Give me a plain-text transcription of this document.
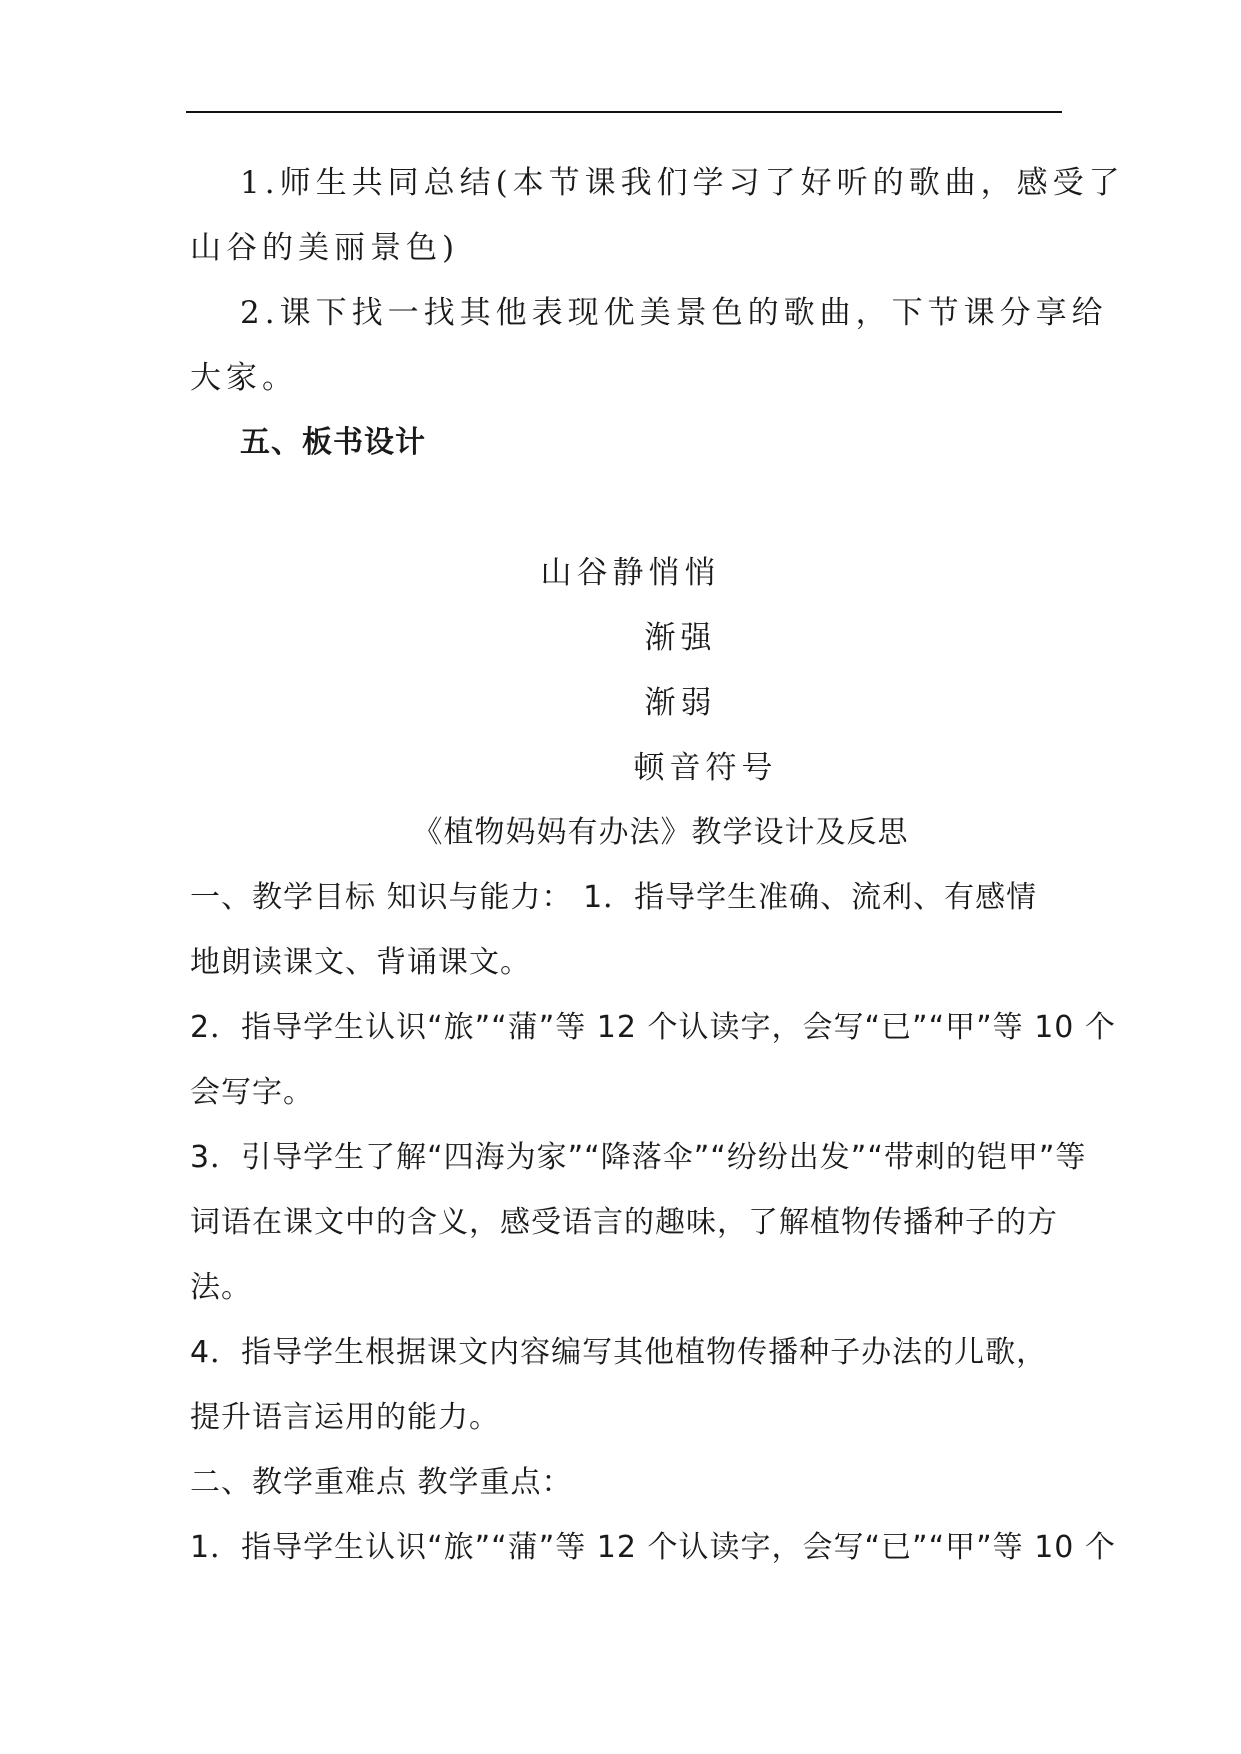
1.师生共同总结(本节课我们学习了好听的歌曲，感受了
山谷的美丽景色)
2.课下找一找其他表现优美景色的歌曲，下节课分享给
大家。
五、板书设计
山谷静悄悄
渐强
渐弱
顿音符号
《植物妈妈有办法》教学设计及反思
一、教学目标 知识与能力： 1．指导学生准确、流利、有感情
地朗读课文、背诵课文。
2．指导学生认识“旅”“蒲”等 12 个认读字，会写“已”“甲”等 10 个
会写字。
3．引导学生了解“四海为家”“降落伞”“纷纷出发”“带刺的铠甲”等
词语在课文中的含义，感受语言的趣味，了解植物传播种子的方
法。
4．指导学生根据课文内容编写其他植物传播种子办法的儿歌，
提升语言运用的能力。
二、教学重难点 教学重点：
1．指导学生认识“旅”“蒲”等 12 个认读字，会写“已”“甲”等 10 个
